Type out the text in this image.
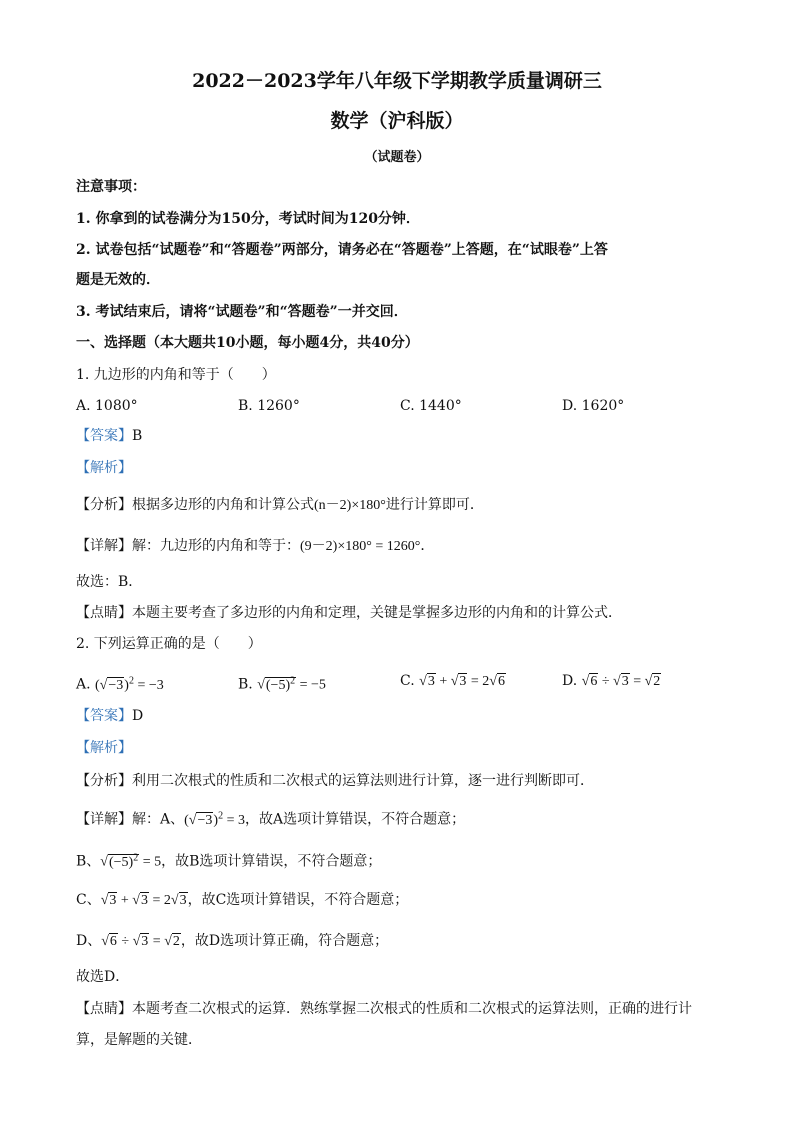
2022－2023学年八年级下学期教学质量调研三
数学（沪科版）
（试题卷）
注意事项：
1. 你拿到的试卷满分为150分，考试时间为120分钟．
2. 试卷包括“试题卷”和“答题卷”两部分，请务必在“答题卷”上答题，在“试眼卷”上答
题是无效的．
3. 考试结束后，请将“试题卷”和“答题卷”一并交回．
一、选择题（本大题共10小题，每小题4分，共40分）
1. 九边形的内角和等于（　　）
A. 1080°	B. 1260°	C. 1440°	D. 1620°
【答案】B
【解析】
【分析】根据多边形的内角和计算公式(n－2)×180°进行计算即可．
【详解】解：九边形的内角和等于：(9－2)×180° = 1260°．
故选：B．
【点睛】本题主要考查了多边形的内角和定理，关键是掌握多边形的内角和的计算公式．
2. 下列运算正确的是（　　）
A. $(√-3)^2 = -3$	B. $√(-5)^2 = -5$	C. √3 + √3 = 2√6	D. √6 ÷ √3 = √2
【答案】D
【解析】
【分析】利用二次根式的性质和二次根式的运算法则进行计算，逐一进行判断即可．
【详解】解：A、$(√-3)^2 = 3$，故A选项计算错误，不符合题意；
B、$√(-5)^2 = 5$，故B选项计算错误，不符合题意；
C、√3 + √3 = 2√3，故C选项计算错误，不符合题意；
D、√6 ÷ √3 = √2，故D选项计算正确，符合题意；
故选D．
【点睛】本题考查二次根式的运算．熟练掌握二次根式的性质和二次根式的运算法则，正确的进行计
算，是解题的关键．
